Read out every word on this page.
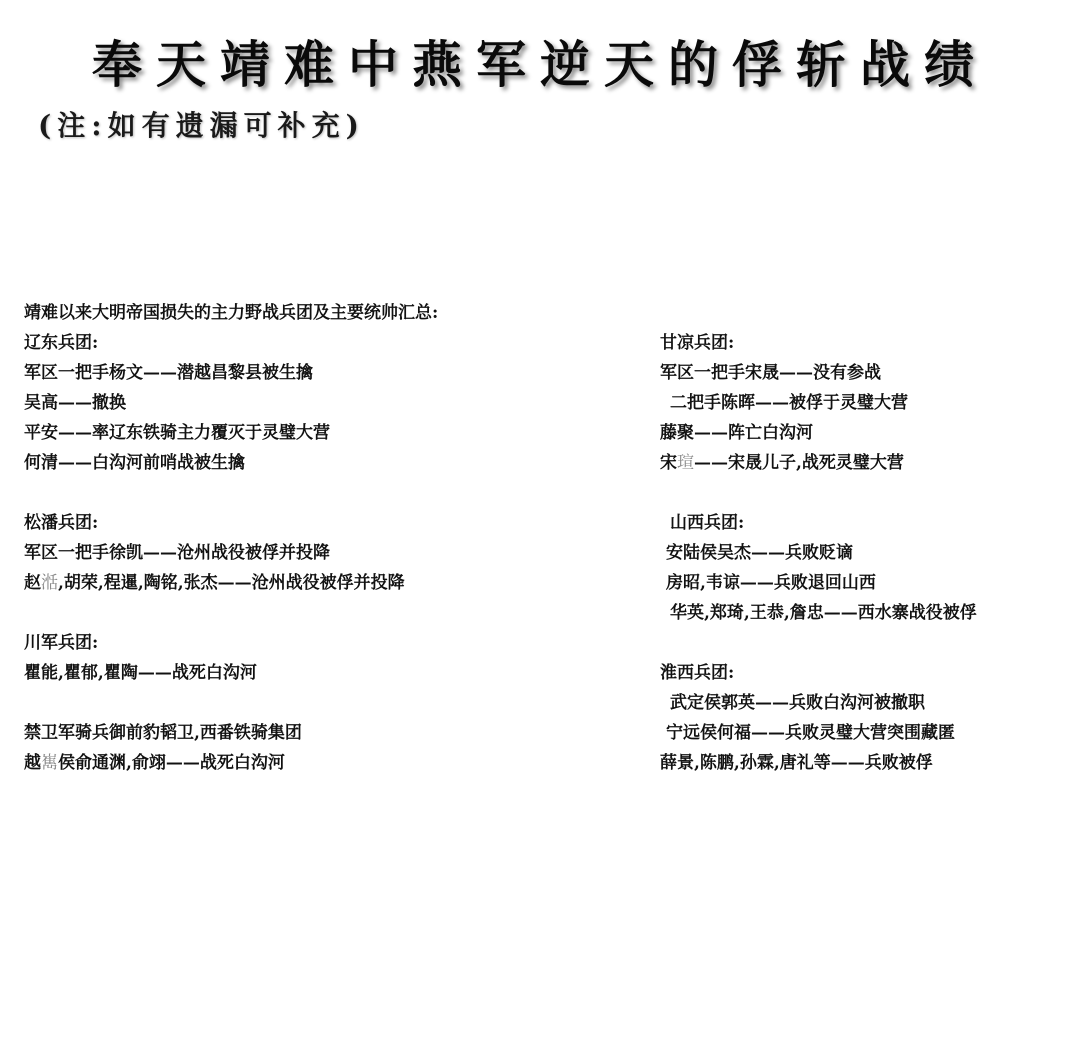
奉天靖难中燕军逆天的俘斩战绩
(注:如有遗漏可补充)
靖难以来大明帝国损失的主力野战兵团及主要统帅汇总:
辽东兵团:
军区一把手杨文——潜越昌黎县被生擒
吴高——撤换
平安——率辽东铁骑主力覆灭于灵璧大营
何清——白沟河前哨战被生擒
松潘兵团:
军区一把手徐凯——沧州战役被俘并投降
赵湉,胡荣,程暹,陶铭,张杰——沧州战役被俘并投降
川军兵团:
瞿能,瞿郁,瞿陶——战死白沟河
禁卫军骑兵御前豹韬卫,西番铁骑集团
越嶲侯俞通渊,俞翊——战死白沟河
甘凉兵团:
军区一把手宋晟——没有参战
二把手陈晖——被俘于灵璧大营
藤聚——阵亡白沟河
宋瑄——宋晟儿子,战死灵璧大营
山西兵团:
安陆侯吴杰——兵败贬谪
房昭,韦谅——兵败退回山西
华英,郑琦,王恭,詹忠——西水寨战役被俘
淮西兵团:
武定侯郭英——兵败白沟河被撤职
宁远侯何福——兵败灵璧大营突围藏匿
薛景,陈鹏,孙霖,唐礼等——兵败被俘
